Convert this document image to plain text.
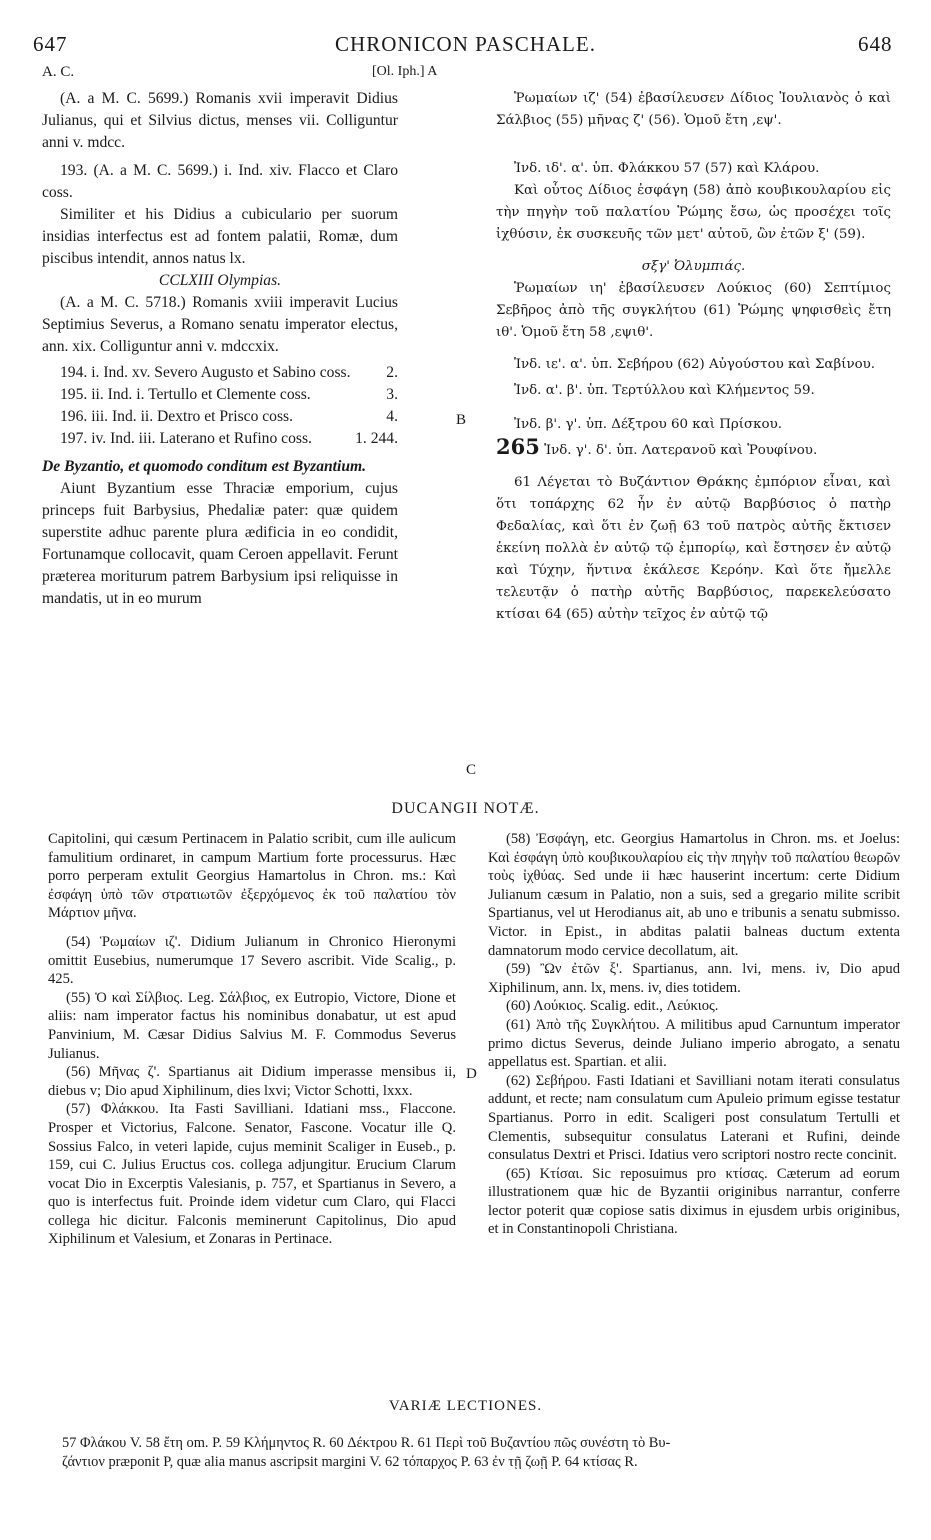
647	CHRONICON PASCHALE.	648
A. C.	[Ol. Iph.] A

(A. a M. C. 5699.) Romanis xvii imperavit Didius Julianus, qui et Silvius dictus, menses vii. Colliguntur anni v. mdcc.

193. (A. a M. C. 5699.) i. Ind. xiv. Flacco et Claro coss.

Similiter et his Didius a cubiculario per suorum insidias interfectus est ad fontem palatii, Romæ, dum piscibus intendit, annos natus lx.

CCLXIII Olympias.

(A. a M. C. 5718.) Romanis xviii imperavit Lucius Septimius Severus, a Romano senatu imperator electus, ann. xix. Colliguntur anni v. mdccxix.

194. i. Ind. xv. Severo Augusto et Sabino coss.	2.

195. ii. Ind. i. Tertullo et Clemente coss.	3.

196. iii. Ind. ii. Dextro et Prisco coss.	4.

197. iv. Ind. iii. Laterano et Rufino coss.	1. 244.

De Byzantio, et quomodo conditum est Byzantium.

Aiunt Byzantium esse Thraciæ emporium, cujus princeps fuit Barbysius, Phedaliæ pater: quæ quidem superstite adhuc parente plura ædificia in eo condidit, Fortunamque collocavit, quam Ceroen appellavit. Ferunt præterea moriturum patrem Barbysium ipsi reliquisse in mandatis, ut in eo murum

Ῥωμαίων ιζ' (54) ἐβασίλευσεν Δίδιος Ἰουλιανὸς ὁ καὶ Σάλβιος (55) μῆνας ζ' (56). Ὁμοῦ ἔτη ,εψ'.

Ἰνδ. ιδ'. α'. ὑπ. Φλάκκου 57 (57) καὶ Κλάρου.

Καὶ οὗτος Δίδιος ἐσφάγη (58) ἀπὸ κουβικουλαρίου εἰς τὴν πηγὴν τοῦ παλατίου Ῥώμης ἔσω, ὡς προσέχει τοῖς ἰχθύσιν, ἐκ συσκευῆς τῶν μετ' αὐτοῦ, ὢν ἐτῶν ξ' (59).

σξγ' Ὀλυμπιάς.

Ῥωμαίων ιη' ἐβασίλευσεν Λούκιος (60) Σεπτίμιος Σεβῆρος ἀπὸ τῆς συγκλήτου (61) Ῥώμης ψηφισθεὶς ἔτη ιθ'. Ὁμοῦ ἔτη 58 ,εψιθ'.

Ἰνδ. ιε'. α'. ὑπ. Σεβήρου (62) Αὐγούστου καὶ Σαβίνου.

Ἰνδ. α'. β'. ὑπ. Τερτύλλου καὶ Κλήμεντος 59.

Ἰνδ. β'. γ'. ὑπ. Δέξτρου 60 καὶ Πρίσκου.

265 Ἰνδ. γ'. δ'. ὑπ. Λατερανοῦ καὶ Ῥουφίνου.

61 Λέγεται τὸ Βυζάντιον Θράκης ἐμπόριον εἶναι, καὶ ὅτι τοπάρχης 62 ἦν ἐν αὐτῷ Βαρβύσιος ὁ πατὴρ Φεδαλίας, καὶ ὅτι ἐν ζωῇ 63 τοῦ πατρὸς αὐτῆς ἔκτισεν ἐκείνη πολλὰ ἐν αὐτῷ τῷ ἐμπορίῳ, καὶ ἔστησεν ἐν αὐτῷ καὶ Τύχην, ἥντινα ἐκάλεσε Κερόην. Καὶ ὅτε ἤμελλε τελευτᾷν ὁ πατὴρ αὐτῆς Βαρβύσιος, παρεκελεύσατο κτίσαι 64 (65) αὐτὴν τεῖχος ἐν αὐτῷ τῷ

B
C
D
DUCANGII NOTÆ.

Capitolini, qui cæsum Pertinacem in Palatio scribit, cum ille aulicum famulitium ordinaret, in campum Martium forte processurus. Hæc porro perperam extulit Georgius Hamartolus in Chron. ms.: Καὶ ἐσφάγη ὑπὸ τῶν στρατιωτῶν ἐξερχόμενος ἐκ τοῦ παλατίου τὸν Μάρτιον μῆνα.

(54) Ῥωμαίων ιζ'. Didium Julianum in Chronico Hieronymi omittit Eusebius, numerumque 17 Severo ascribit. Vide Scalig., p. 425.

(55) Ὁ καὶ Σίλβιος. Leg. Σάλβιος, ex Eutropio, Victore, Dione et aliis: nam imperator factus his nominibus donabatur, ut est apud Panvinium, M. Cæsar Didius Salvius M. F. Commodus Severus Julianus.

(56) Μῆνας ζ'. Spartianus ait Didium imperasse mensibus ii, diebus v; Dio apud Xiphilinum, dies lxvi; Victor Schotti, lxxx.

(57) Φλάκκου. Ita Fasti Savilliani. Idatiani mss., Flaccone. Prosper et Victorius, Falcone. Senator, Fascone. Vocatur ille Q. Sossius Falco, in veteri lapide, cujus meminit Scaliger in Euseb., p. 159, cui C. Julius Eructus cos. collega adjungitur. Erucium Clarum vocat Dio in Excerptis Valesianis, p. 757, et Spartianus in Severo, a quo is interfectus fuit. Proinde idem videtur cum Claro, qui Flacci collega hic dicitur. Falconis meminerunt Capitolinus, Dio apud Xiphilinum et Valesium, et Zonaras in Pertinace.

(58) Ἐσφάγη, etc. Georgius Hamartolus in Chron. ms. et Joelus: Καὶ ἐσφάγη ὑπὸ κουβικουλαρίου εἰς τὴν πηγὴν τοῦ παλατίου θεωρῶν τοὺς ἰχθύας. Sed unde ii hæc hauserint incertum: certe Didium Julianum cæsum in Palatio, non a suis, sed a gregario milite scribit Spartianus, vel ut Herodianus ait, ab uno e tribunis a senatu submisso. Victor. in Epist., in abditas palatii balneas ductum extenta damnatorum modo cervice decollatum, ait.

(59) Ὢν ἐτῶν ξ'. Spartianus, ann. lvi, mens. iv, Dio apud Xiphilinum, ann. lx, mens. iv, dies totidem.

(60) Λούκιος. Scalig. edit., Λεύκιος.

(61) Ἀπὸ τῆς Συγκλήτου. A militibus apud Carnuntum imperator primo dictus Severus, deinde Juliano imperio abrogato, a senatu appellatus est. Spartian. et alii.

(62) Σεβήρου. Fasti Idatiani et Savilliani notam iterati consulatus addunt, et recte; nam consulatum cum Apuleio primum egisse testatur Spartianus. Porro in edit. Scaligeri post consulatum Tertulli et Clementis, subsequitur consulatus Laterani et Rufini, deinde consulatus Dextri et Prisci. Idatius vero scriptori nostro recte concinit.

(65) Κτίσαι. Sic reposuimus pro κτίσας. Cæterum ad eorum illustrationem quæ hic de Byzantii originibus narrantur, conferre lector poterit quæ copiose satis diximus in ejusdem urbis originibus, et in Constantinopoli Christiana.

VARIÆ LECTIONES.

57 Φλάκου V. 58 ἔτη om. P. 59 Κλήμηντος R. 60 Δέκτρου R. 61 Περὶ τοῦ Βυζαντίου πῶς συνέστη τὸ Βυ-

ζάντιον præponit P, quæ alia manus ascripsit margini V. 62 τόπαρχος P. 63 ἐν τῇ ζωῇ P. 64 κτίσας R.
